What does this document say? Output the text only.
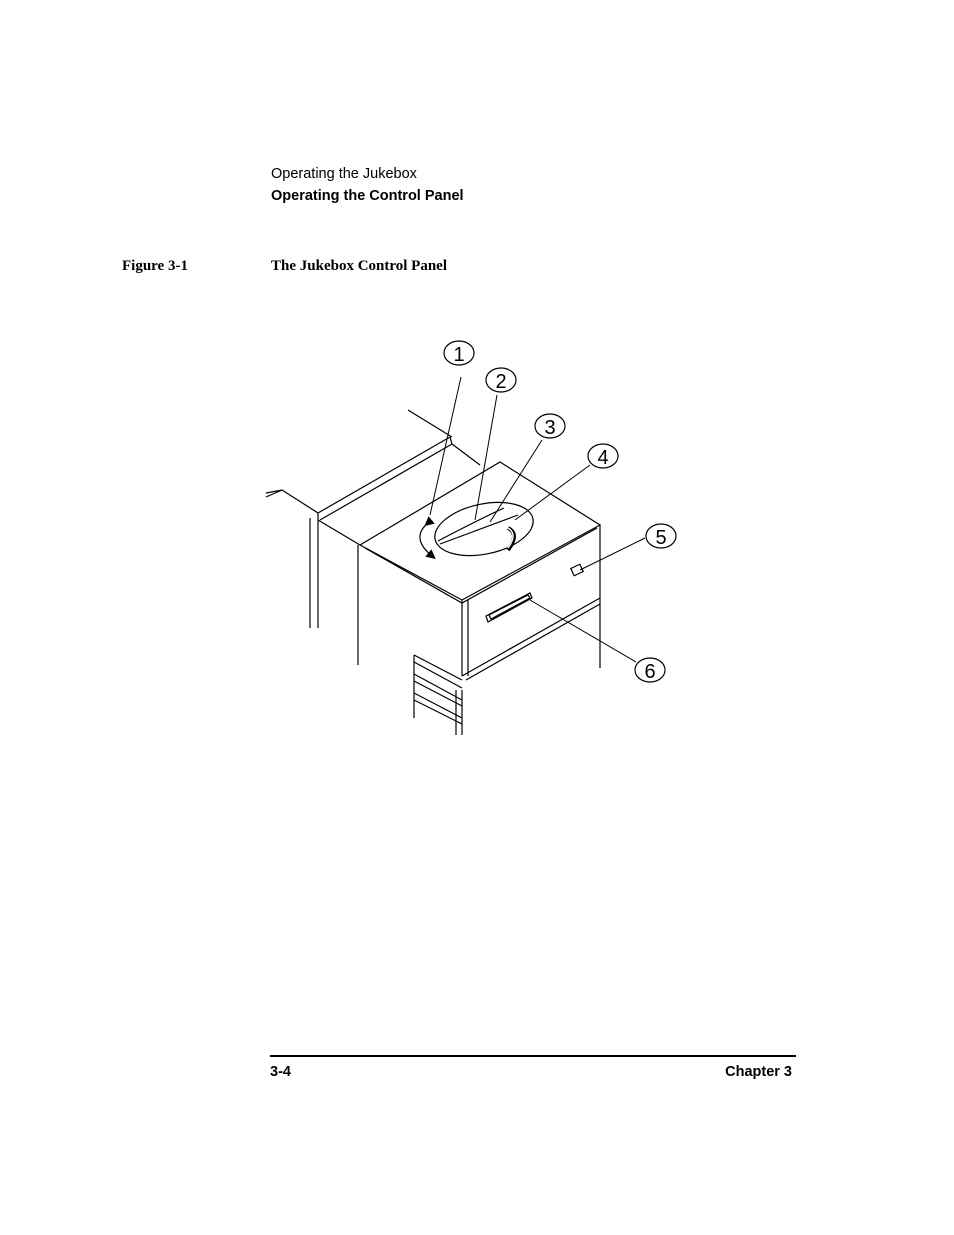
Operating the Jukebox
Operating the Control Panel
Figure 3-1	The Jukebox Control Panel
1
2
3
4
5
6
3-4	Chapter 3
